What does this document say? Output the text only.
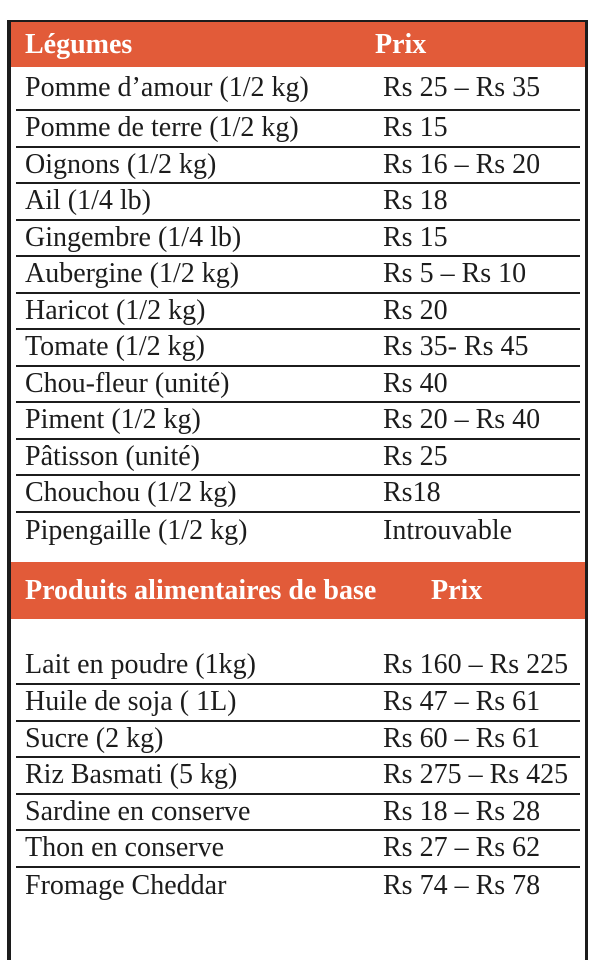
Légumes	Prix
Pomme d’amour (1/2 kg)	Rs 25 – Rs 35
Pomme de terre (1/2 kg)	Rs 15
Oignons (1/2 kg)	Rs 16 – Rs 20
Ail (1/4 lb)	Rs 18
Gingembre (1/4 lb)	Rs 15
Aubergine (1/2 kg)	Rs 5 – Rs 10
Haricot (1/2 kg)	Rs 20
Tomate (1/2 kg)	Rs 35- Rs 45
Chou-fleur (unité)	Rs 40
Piment (1/2 kg)	Rs 20 – Rs 40
Pâtisson (unité)	Rs 25
Chouchou (1/2 kg)	Rs18
Pipengaille (1/2 kg)	Introuvable
Produits alimentaires de base Prix
Lait en poudre (1kg)	Rs 160 – Rs 225
Huile de soja ( 1L)	Rs 47 – Rs 61
Sucre (2 kg)	Rs 60 – Rs 61
Riz Basmati (5 kg)	Rs 275 – Rs 425
Sardine en conserve	Rs 18 – Rs 28
Thon en conserve	Rs 27 – Rs 62
Fromage Cheddar	Rs 74 – Rs 78
